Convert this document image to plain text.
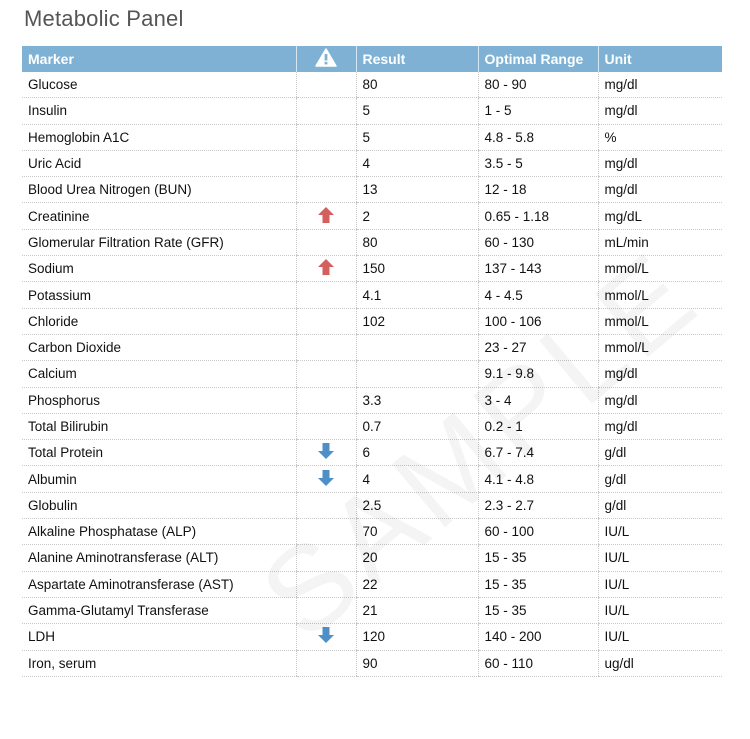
Metabolic Panel
Marker		Result	Optimal Range	Unit
Glucose		80	80 - 90	mg/dl
Insulin		5	1 - 5	mg/dl
Hemoglobin A1C		5	4.8 - 5.8	%
Uric Acid		4	3.5 - 5	mg/dl
Blood Urea Nitrogen (BUN)		13	12 - 18	mg/dl
Creatinine		2	0.65 - 1.18	mg/dL
Glomerular Filtration Rate (GFR)		80	60 - 130	mL/min
Sodium		150	137 - 143	mmol/L
Potassium		4.1	4 - 4.5	mmol/L
Chloride		102	100 - 106	mmol/L
Carbon Dioxide			23 - 27	mmol/L
Calcium			9.1 - 9.8	mg/dl
Phosphorus		3.3	3 - 4	mg/dl
Total Bilirubin		0.7	0.2 - 1	mg/dl
Total Protein		6	6.7 - 7.4	g/dl
Albumin		4	4.1 - 4.8	g/dl
Globulin		2.5	2.3 - 2.7	g/dl
Alkaline Phosphatase (ALP)		70	60 - 100	IU/L
Alanine Aminotransferase (ALT)		20	15 - 35	IU/L
Aspartate Aminotransferase (AST)		22	15 - 35	IU/L
Gamma-Glutamyl Transferase		21	15 - 35	IU/L
LDH		120	140 - 200	IU/L
Iron, serum		90	60 - 110	ug/dl
